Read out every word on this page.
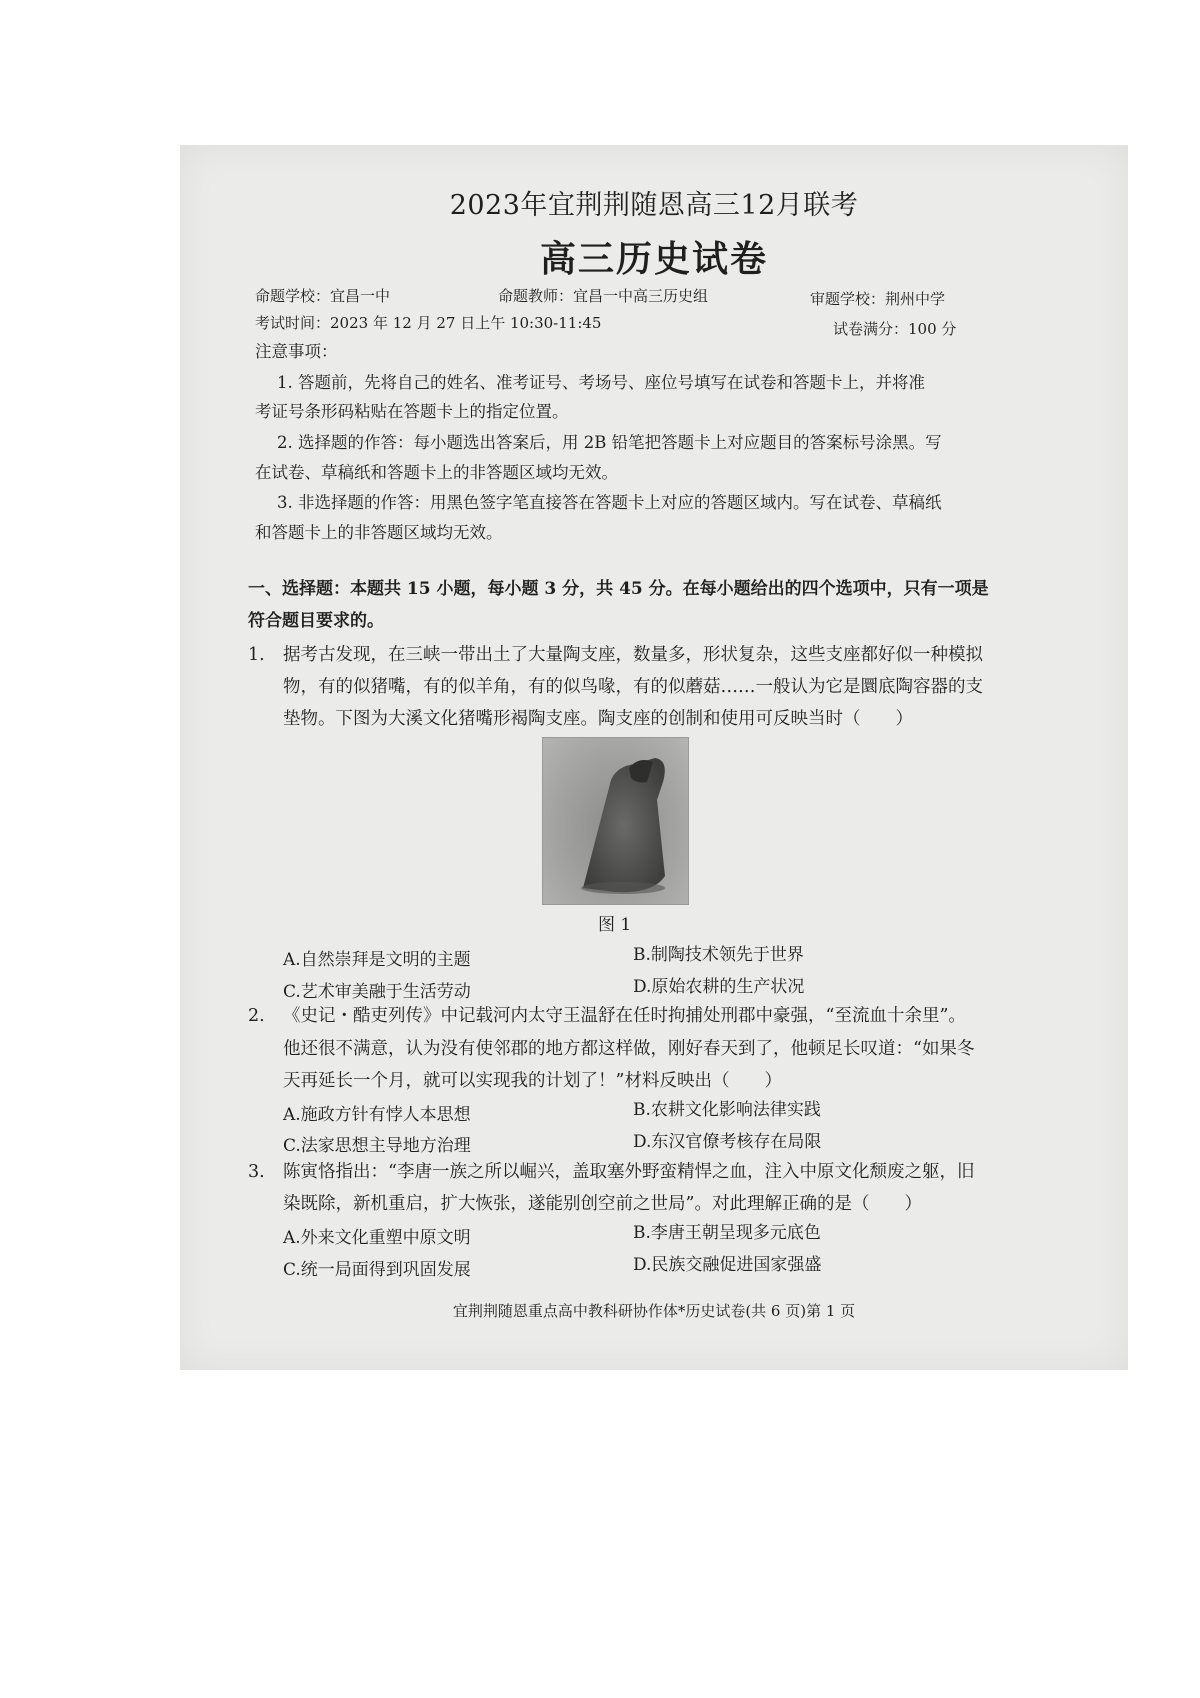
2023年宜荆荆随恩高三12月联考
高三历史试卷
命题学校：宜昌一中	命题教师：宜昌一中高三历史组	审题学校：荆州中学
考试时间：2023 年 12 月 27 日上午 10:30-11:45	试卷满分：100 分
注意事项：
1. 答题前，先将自己的姓名、准考证号、考场号、座位号填写在试卷和答题卡上，并将准
考证号条形码粘贴在答题卡上的指定位置。
2. 选择题的作答：每小题选出答案后，用 2B 铅笔把答题卡上对应题目的答案标号涂黑。写
在试卷、草稿纸和答题卡上的非答题区域均无效。
3. 非选择题的作答：用黑色签字笔直接答在答题卡上对应的答题区域内。写在试卷、草稿纸
和答题卡上的非答题区域均无效。
一、选择题：本题共 15 小题，每小题 3 分，共 45 分。在每小题给出的四个选项中，只有一项是
符合题目要求的。
1. 据考古发现，在三峡一带出土了大量陶支座，数量多，形状复杂，这些支座都好似一种模拟
物，有的似猪嘴，有的似羊角，有的似鸟喙，有的似蘑菇……一般认为它是圜底陶容器的支
垫物。下图为大溪文化猪嘴形褐陶支座。陶支座的创制和使用可反映当时（　　）
图 1
A.自然崇拜是文明的主题	B.制陶技术领先于世界
C.艺术审美融于生活劳动	D.原始农耕的生产状况
2. 《史记・酷吏列传》中记载河内太守王温舒在任时拘捕处刑郡中豪强，“至流血十余里”。
他还很不满意，认为没有使邻郡的地方都这样做，刚好春天到了，他顿足长叹道：“如果冬
天再延长一个月，就可以实现我的计划了！”材料反映出（　　）
A.施政方针有悖人本思想	B.农耕文化影响法律实践
C.法家思想主导地方治理	D.东汉官僚考核存在局限
3. 陈寅恪指出：“李唐一族之所以崛兴，盖取塞外野蛮精悍之血，注入中原文化颓废之躯，旧
染既除，新机重启，扩大恢张，遂能别创空前之世局”。对此理解正确的是（　　）
A.外来文化重塑中原文明	B.李唐王朝呈现多元底色
C.统一局面得到巩固发展	D.民族交融促进国家强盛
宜荆荆随恩重点高中教科研协作体*历史试卷(共 6 页)第 1 页
